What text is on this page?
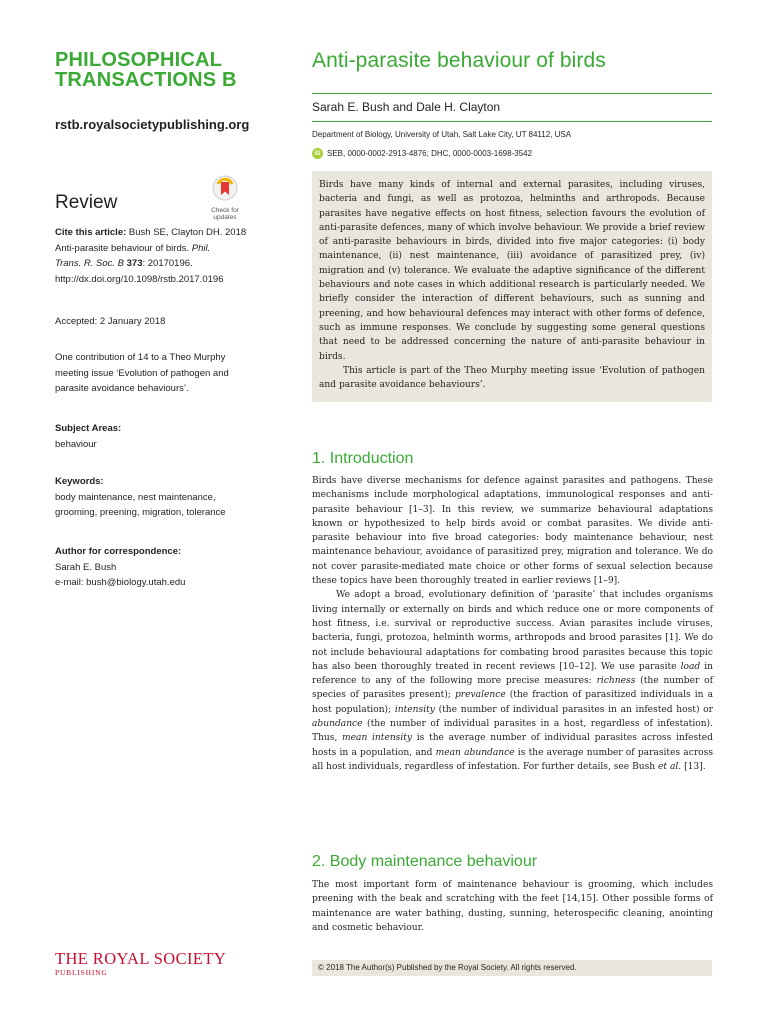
PHILOSOPHICAL
TRANSACTIONS B
rstb.royalsocietypublishing.org
Review	Check for
updates
Cite this article: Bush SE, Clayton DH. 2018
Anti-parasite behaviour of birds. Phil.
Trans. R. Soc. B 373: 20170196.
http://dx.doi.org/10.1098/rstb.2017.0196
Accepted: 2 January 2018
One contribution of 14 to a Theo Murphy
meeting issue ‘Evolution of pathogen and
parasite avoidance behaviours’.
Subject Areas:
behaviour
Keywords:
body maintenance, nest maintenance,
grooming, preening, migration, tolerance
Author for correspondence:
Sarah E. Bush
e-mail: bush@biology.utah.edu
Anti-parasite behaviour of birds
Sarah E. Bush and Dale H. Clayton
Department of Biology, University of Utah, Salt Lake City, UT 84112, USA
iD SEB, 0000-0002-2913-4876; DHC, 0000-0003-1698-3542

Birds have many kinds of internal and external parasites, including viruses, bacteria and fungi, as well as protozoa, helminths and arthropods. Because parasites have negative effects on host fitness, selection favours the evolution of anti-parasite defences, many of which involve behaviour. We provide a brief review of anti-parasite behaviours in birds, divided into five major categories: (i) body maintenance, (ii) nest maintenance, (iii) avoidance of parasitized prey, (iv) migration and (v) tolerance. We evaluate the adaptive significance of the different behaviours and note cases in which additional research is particularly needed. We briefly consider the interaction of different behaviours, such as sunning and preening, and how behavioural defences may interact with other forms of defence, such as immune responses. We conclude by suggesting some general questions that need to be addressed concerning the nature of anti-parasite behaviour in birds.

This article is part of the Theo Murphy meeting issue ‘Evolution of pathogen and parasite avoidance behaviours’.

1. Introduction

Birds have diverse mechanisms for defence against parasites and pathogens. These mechanisms include morphological adaptations, immunological responses and anti-parasite behaviour [1–3]. In this review, we summarize behavioural adaptations known or hypothesized to help birds avoid or combat parasites. We divide anti-parasite behaviour into five broad categories: body maintenance behaviour, nest maintenance behaviour, avoidance of parasitized prey, migration and tolerance. We do not cover parasite-mediated mate choice or other forms of sexual selection because these topics have been thoroughly treated in earlier reviews [1–9].

We adopt a broad, evolutionary definition of ‘parasite’ that includes organisms living internally or externally on birds and which reduce one or more components of host fitness, i.e. survival or reproductive success. Avian parasites include viruses, bacteria, fungi, protozoa, helminth worms, arthropods and brood parasites [1]. We do not include behavioural adaptations for combating brood parasites because this topic has also been thoroughly treated in recent reviews [10–12]. We use parasite load in reference to any of the following more precise measures: richness (the number of species of parasites present); prevalence (the fraction of parasitized individuals in a host population); intensity (the number of individual parasites in an infested host) or abundance (the number of individual parasites in a host, regardless of infestation). Thus, mean intensity is the average number of individual parasites across infested hosts in a population, and mean abundance is the average number of parasites across all host individuals, regardless of infestation. For further details, see Bush et al. [13].

2. Body maintenance behaviour

The most important form of maintenance behaviour is grooming, which includes preening with the beak and scratching with the feet [14,15]. Other possible forms of maintenance are water bathing, dusting, sunning, heterospecific cleaning, anointing and cosmetic behaviour.

THE ROYAL SOCIETY
PUBLISHING
© 2018 The Author(s) Published by the Royal Society. All rights reserved.
